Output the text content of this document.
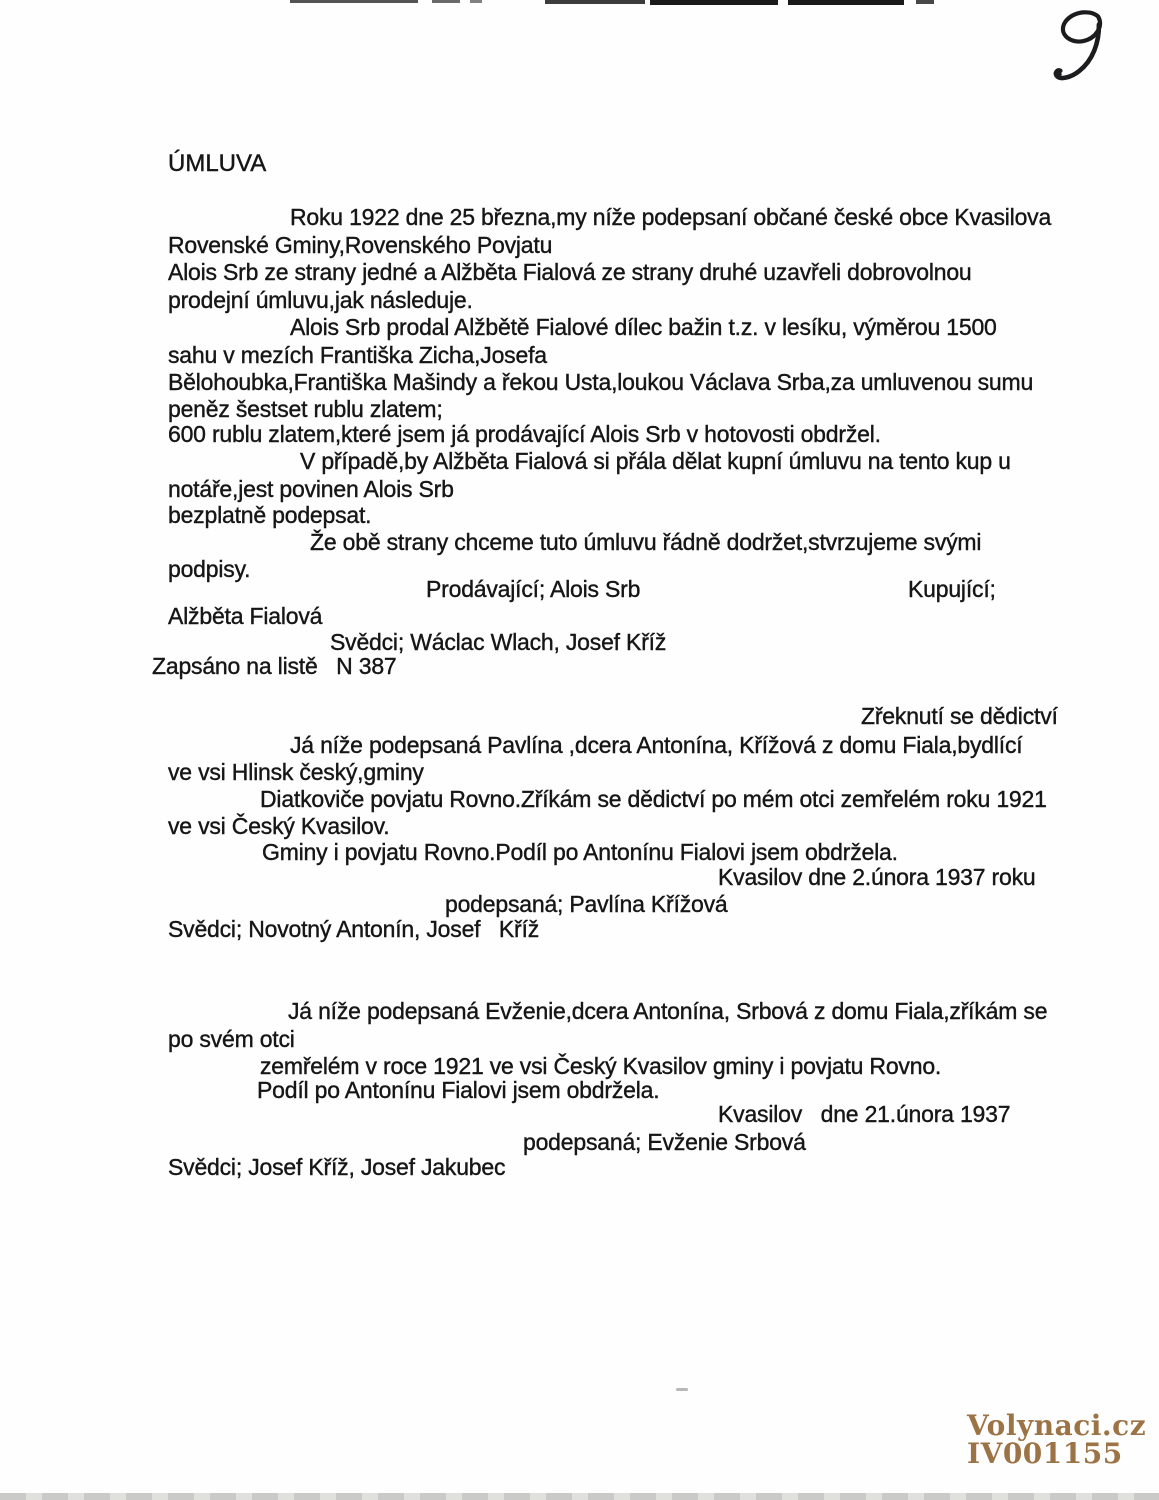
ÚMLUVA
Roku 1922 dne 25 března,my níže podepsaní občané české obce Kvasilova
Rovenské Gminy,Rovenského Povjatu
Alois Srb ze strany jedné a Alžběta Fialová ze strany druhé uzavřeli dobrovolnou
prodejní úmluvu,jak následuje.
Alois Srb prodal Alžbětě Fialové dílec bažin t.z. v lesíku, výměrou 1500
sahu v mezích Františka Zicha,Josefa
Bělohoubka,Františka Mašindy a řekou Usta,loukou Václava Srba,za umluvenou sumu
peněz šestset rublu zlatem;
600 rublu zlatem,které jsem já prodávající Alois Srb v hotovosti obdržel.
V případě,by Alžběta Fialová si přála dělat kupní úmluvu na tento kup u
notáře,jest povinen Alois Srb
bezplatně podepsat.
Že obě strany chceme tuto úmluvu řádně dodržet,stvrzujeme svými
podpisy.
Prodávající; Alois Srb	Kupující;
Alžběta Fialová
Svědci; Wáclac Wlach, Josef Kříž
Zapsáno na listě   N 387
Zřeknutí se dědictví
Já níže podepsaná Pavlína ,dcera Antonína, Křížová z domu Fiala,bydlící
ve vsi Hlinsk český,gminy
Diatkoviče povjatu Rovno.Zříkám se dědictví po mém otci zemřelém roku 1921
ve vsi Český Kvasilov.
Gminy i povjatu Rovno.Podíl po Antonínu Fialovi jsem obdržela.
Kvasilov dne 2.února 1937 roku
podepsaná; Pavlína Křížová
Svědci; Novotný Antonín, Josef   Kříž
Já níže podepsaná Evženie,dcera Antonína, Srbová z domu Fiala,zříkám se
po svém otci
zemřelém v roce 1921 ve vsi Český Kvasilov gminy i povjatu Rovno.
Podíl po Antonínu Fialovi jsem obdržela.
Kvasilov   dne 21.února 1937
podepsaná; Evženie Srbová
Svědci; Josef Kříž, Josef Jakubec
Volynaci.cz
IV001155
